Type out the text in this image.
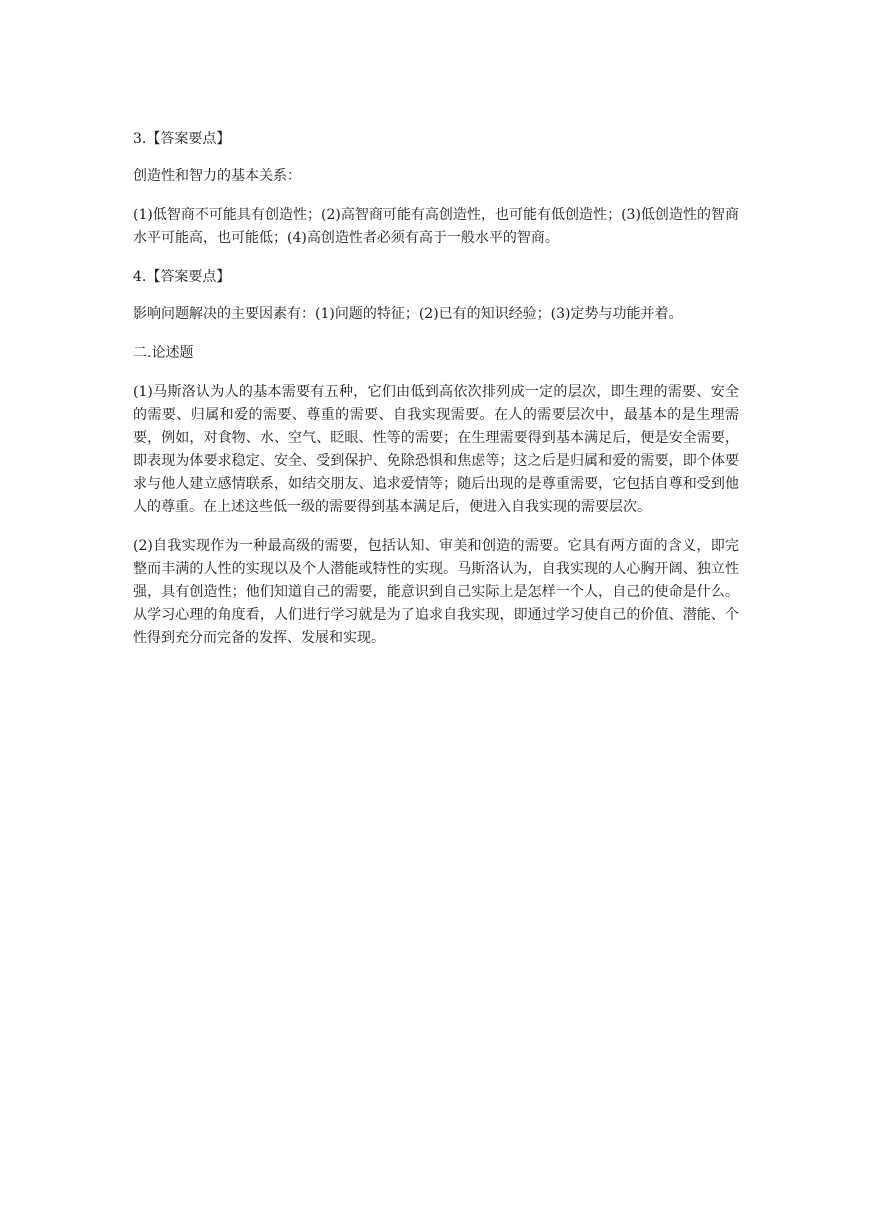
3.【答案要点】

创造性和智力的基本关系：

(1)低智商不可能具有创造性；(2)高智商可能有高创造性，也可能有低创造性；(3)低创造性的智商水平可能高，也可能低；(4)高创造性者必须有高于一般水平的智商。

4.【答案要点】

影响问题解决的主要因素有：(1)问题的特征；(2)已有的知识经验；(3)定势与功能并着。

二.论述题

(1)马斯洛认为人的基本需要有五种，它们由低到高依次排列成一定的层次，即生理的需要、安全的需要、归属和爱的需要、尊重的需要、自我实现需要。在人的需要层次中，最基本的是生理需要，例如，对食物、水、空气、眨眼、性等的需要；在生理需要得到基本满足后，便是安全需要，即表现为体要求稳定、安全、受到保护、免除恐惧和焦虑等；这之后是归属和爱的需要，即个体要求与他人建立感情联系，如结交朋友、追求爱情等；随后出现的是尊重需要，它包括自尊和受到他人的尊重。在上述这些低一级的需要得到基本满足后，便进入自我实现的需要层次。

(2)自我实现作为一种最高级的需要，包括认知、审美和创造的需要。它具有两方面的含义，即完整而丰满的人性的实现以及个人潜能或特性的实现。马斯洛认为，自我实现的人心胸开阔、独立性强，具有创造性；他们知道自己的需要，能意识到自己实际上是怎样一个人，自己的使命是什么。从学习心理的角度看，人们进行学习就是为了追求自我实现，即通过学习使自己的价值、潜能、个性得到充分而完备的发挥、发展和实现。
